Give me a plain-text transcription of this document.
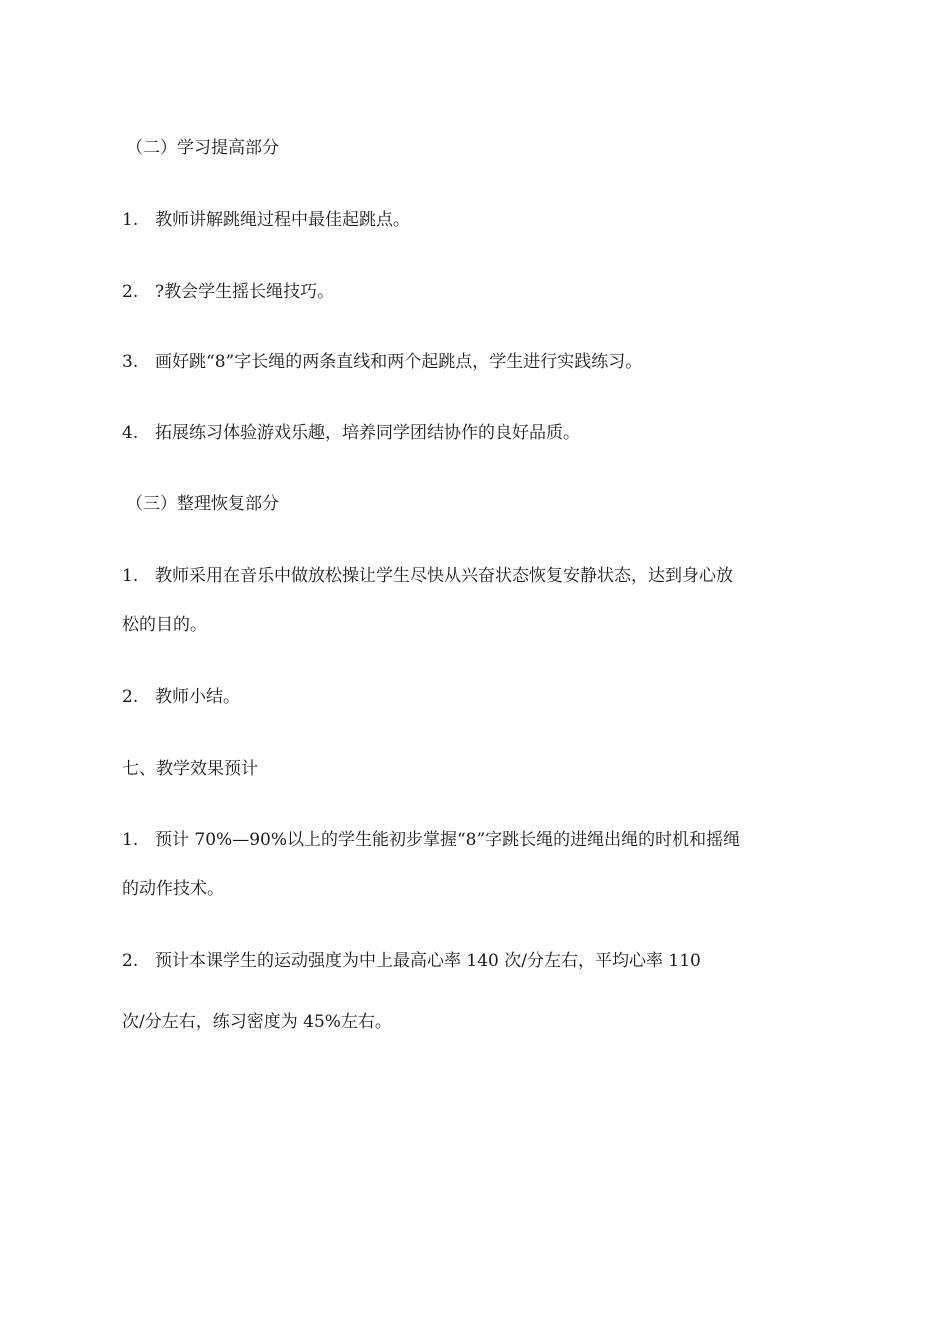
（二）学习提高部分
1. 教师讲解跳绳过程中最佳起跳点。
2. ?教会学生摇长绳技巧。
3. 画好跳“8”字长绳的两条直线和两个起跳点，学生进行实践练习。
4. 拓展练习体验游戏乐趣，培养同学团结协作的良好品质。
（三）整理恢复部分
1. 教师采用在音乐中做放松操让学生尽快从兴奋状态恢复安静状态，达到身心放
松的目的。
2. 教师小结。
七、教学效果预计
1. 预计 70%—90%以上的学生能初步掌握“8”字跳长绳的进绳出绳的时机和摇绳
的动作技术。
2. 预计本课学生的运动强度为中上最高心率 140 次/分左右，平均心率 110
次/分左右，练习密度为 45%左右。
